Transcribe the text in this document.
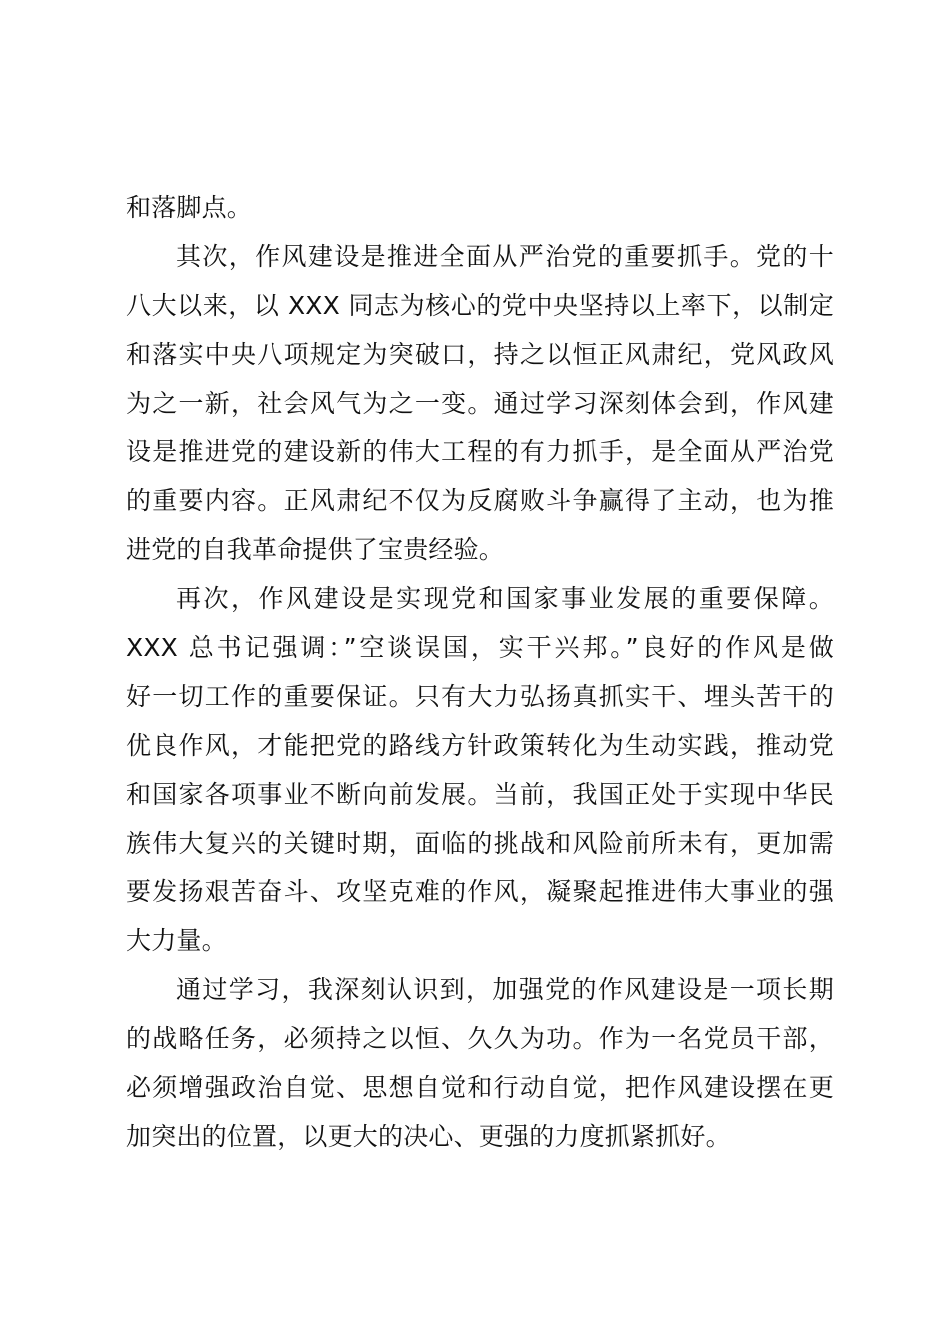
和落脚点。
其次，作风建设是推进全面从严治党的重要抓手。党的十
八大以来，以 XXX 同志为核心的党中央坚持以上率下，以制定
和落实中央八项规定为突破口，持之以恒正风肃纪，党风政风
为之一新，社会风气为之一变。通过学习深刻体会到，作风建
设是推进党的建设新的伟大工程的有力抓手，是全面从严治党
的重要内容。正风肃纪不仅为反腐败斗争赢得了主动，也为推
进党的自我革命提供了宝贵经验。
再次，作风建设是实现党和国家事业发展的重要保障。
XXX 总书记强调：”空谈误国，实干兴邦。”良好的作风是做
好一切工作的重要保证。只有大力弘扬真抓实干、埋头苦干的
优良作风，才能把党的路线方针政策转化为生动实践，推动党
和国家各项事业不断向前发展。当前，我国正处于实现中华民
族伟大复兴的关键时期，面临的挑战和风险前所未有，更加需
要发扬艰苦奋斗、攻坚克难的作风，凝聚起推进伟大事业的强
大力量。
通过学习，我深刻认识到，加强党的作风建设是一项长期
的战略任务，必须持之以恒、久久为功。作为一名党员干部，
必须增强政治自觉、思想自觉和行动自觉，把作风建设摆在更
加突出的位置，以更大的决心、更强的力度抓紧抓好。
